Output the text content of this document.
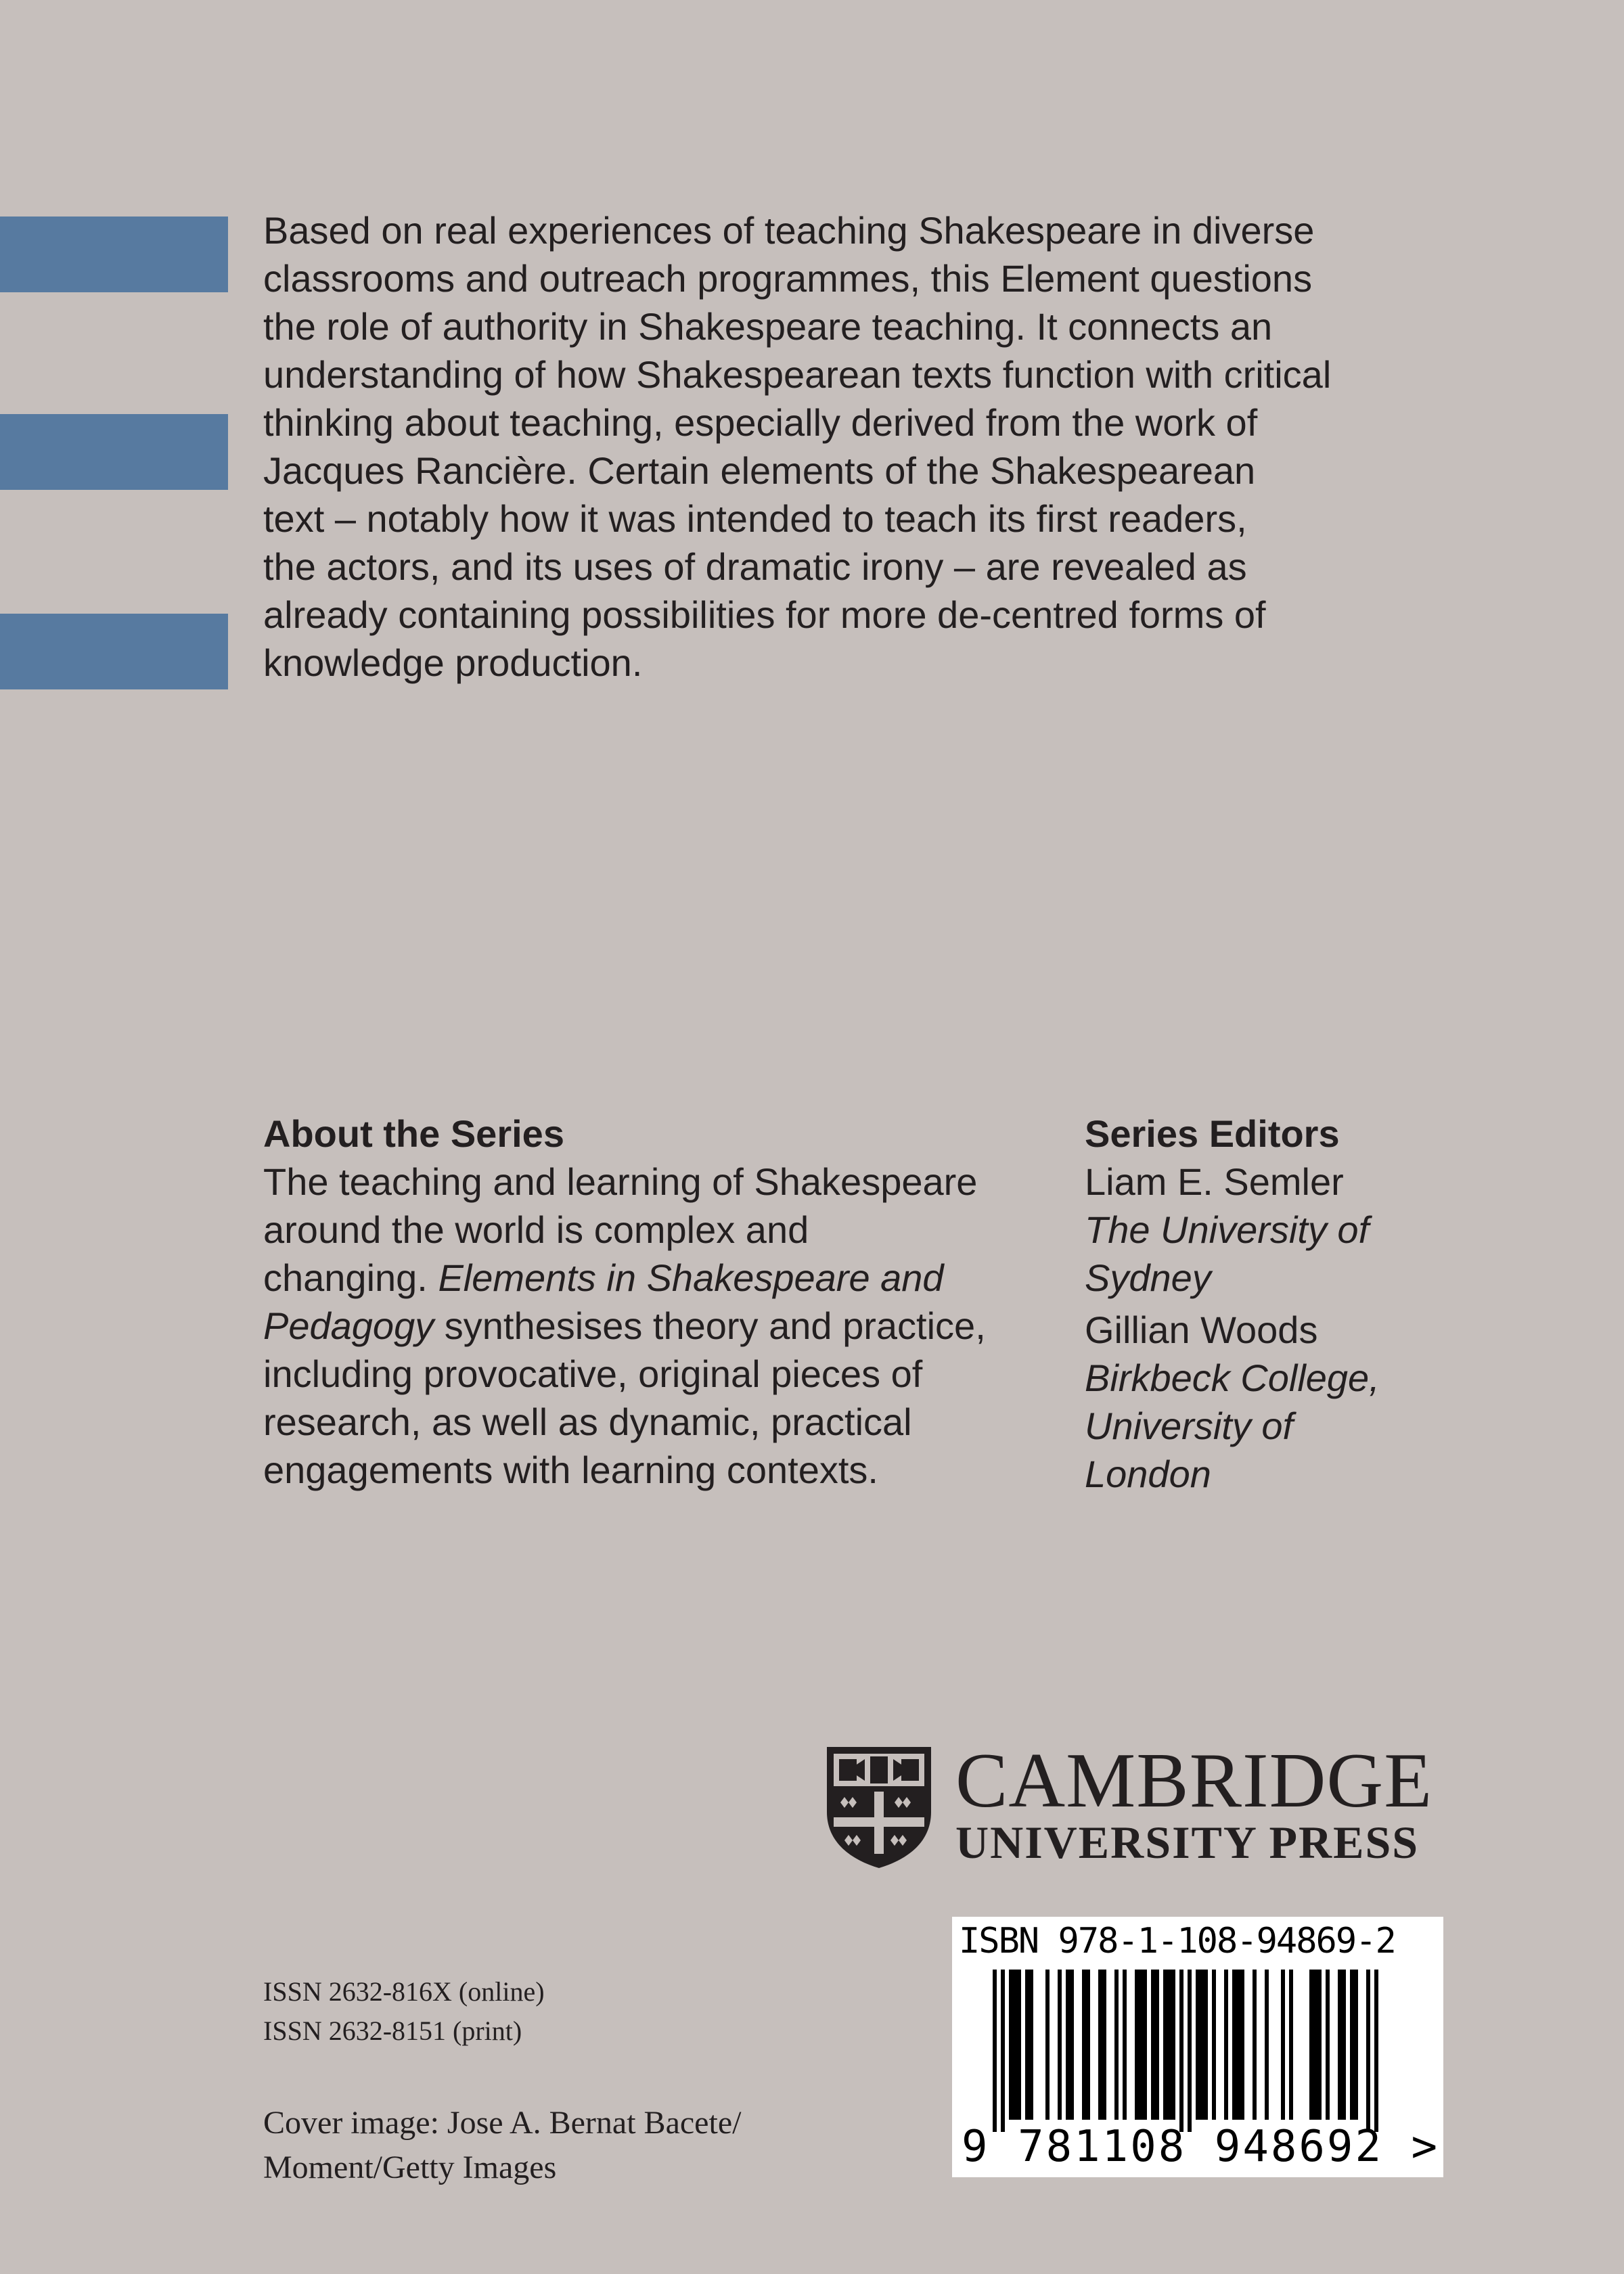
Based on real experiences of teaching Shakespeare in diverse
classrooms and outreach programmes, this Element questions
the role of authority in Shakespeare teaching. It connects an
understanding of how Shakespearean texts function with critical
thinking about teaching, especially derived from the work of
Jacques Rancière. Certain elements of the Shakespearean
text – notably how it was intended to teach its first readers,
the actors, and its uses of dramatic irony – are revealed as
already containing possibilities for more de-centred forms of
knowledge production.
About the Series
The teaching and learning of Shakespeare
around the world is complex and
changing. Elements in Shakespeare and
Pedagogy synthesises theory and practice,
including provocative, original pieces of
research, as well as dynamic, practical
engagements with learning contexts.
Series Editors
Liam E. Semler
The University of
Sydney
Gillian Woods
Birkbeck College,
University of
London
CAMBRIDGE
UNIVERSITY PRESS
ISSN 2632-816X (online)
ISSN 2632-8151 (print)
Cover image: Jose A. Bernat Bacete/
Moment/Getty Images
ISBN 978-1-108-94869-2
9 781108 948692 >
